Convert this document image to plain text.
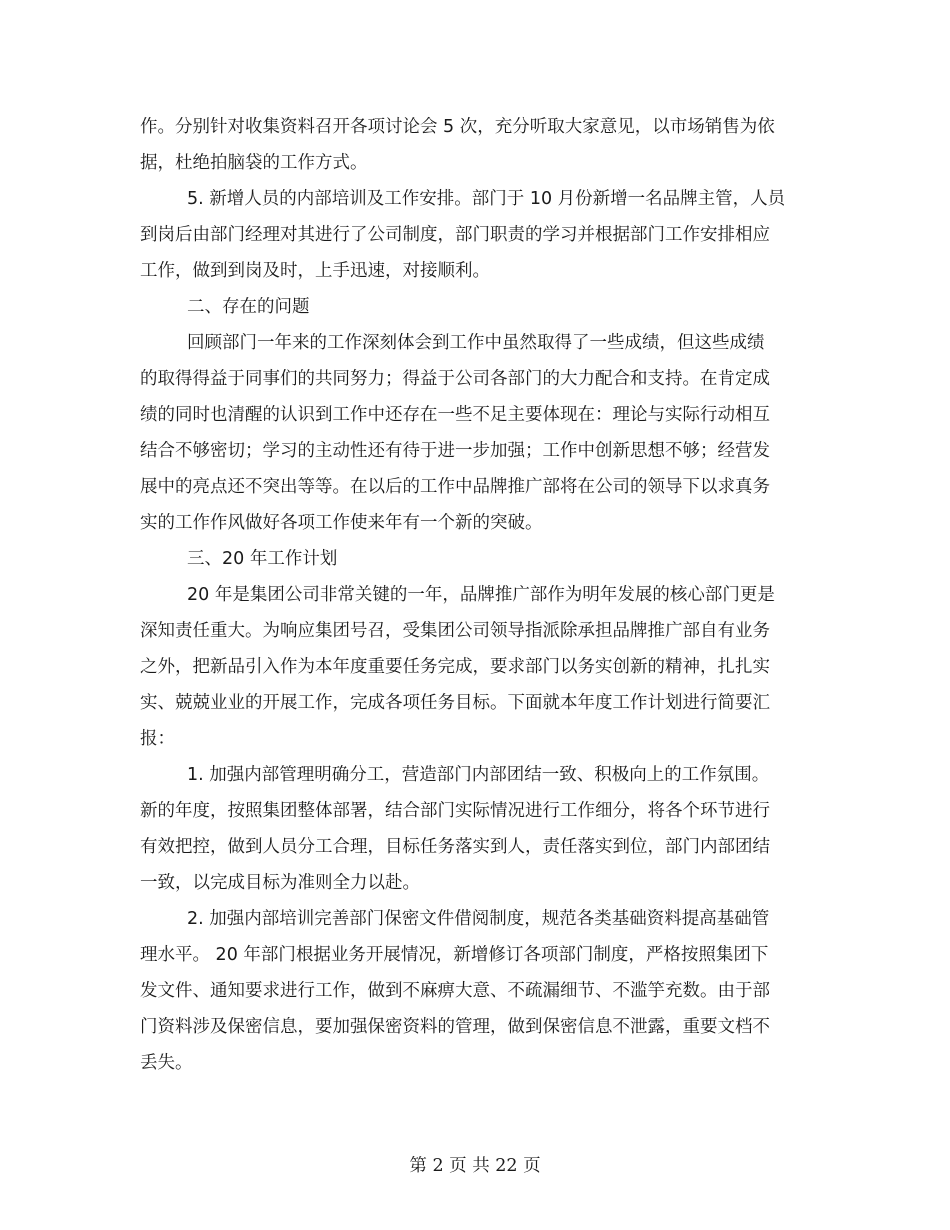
作。分别针对收集资料召开各项讨论会 5 次，充分听取大家意见，以市场销售为依
据，杜绝拍脑袋的工作方式。
5. 新增人员的内部培训及工作安排。部门于 10 月份新增一名品牌主管，人员
到岗后由部门经理对其进行了公司制度，部门职责的学习并根据部门工作安排相应
工作，做到到岗及时，上手迅速，对接顺利。
二、存在的问题
回顾部门一年来的工作深刻体会到工作中虽然取得了一些成绩，但这些成绩
的取得得益于同事们的共同努力；得益于公司各部门的大力配合和支持。在肯定成
绩的同时也清醒的认识到工作中还存在一些不足主要体现在：理论与实际行动相互
结合不够密切；学习的主动性还有待于进一步加强；工作中创新思想不够；经营发
展中的亮点还不突出等等。在以后的工作中品牌推广部将在公司的领导下以求真务
实的工作作风做好各项工作使来年有一个新的突破。
三、20 年工作计划
20 年是集团公司非常关键的一年，品牌推广部作为明年发展的核心部门更是
深知责任重大。为响应集团号召，受集团公司领导指派除承担品牌推广部自有业务
之外，把新品引入作为本年度重要任务完成，要求部门以务实创新的精神，扎扎实
实、兢兢业业的开展工作，完成各项任务目标。下面就本年度工作计划进行简要汇
报：
1. 加强内部管理明确分工，营造部门内部团结一致、积极向上的工作氛围。
新的年度，按照集团整体部署，结合部门实际情况进行工作细分，将各个环节进行
有效把控，做到人员分工合理，目标任务落实到人，责任落实到位，部门内部团结
一致，以完成目标为准则全力以赴。
2. 加强内部培训完善部门保密文件借阅制度，规范各类基础资料提高基础管
理水平。 20 年部门根据业务开展情况，新增修订各项部门制度，严格按照集团下
发文件、通知要求进行工作，做到不麻痹大意、不疏漏细节、不滥竽充数。由于部
门资料涉及保密信息，要加强保密资料的管理，做到保密信息不泄露，重要文档不
丢失。
第 2 页 共 22 页
